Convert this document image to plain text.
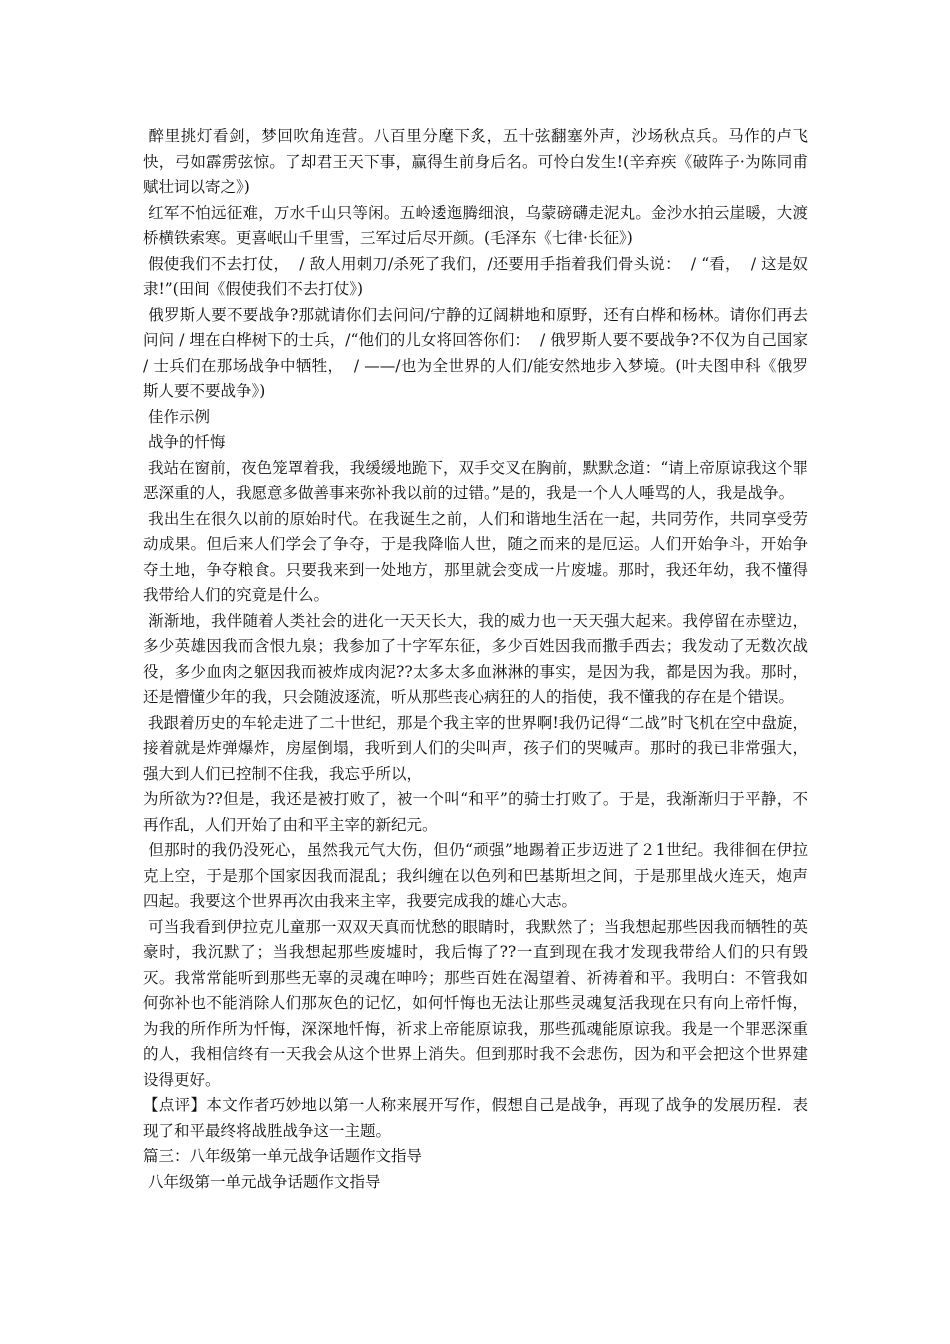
醉里挑灯看剑，梦回吹角连营。八百里分麾下炙，五十弦翻塞外声，沙场秋点兵。马作的卢飞快，弓如霹雳弦惊。了却君王天下事，赢得生前身后名。可怜白发生!(辛弃疾《破阵子·为陈同甫赋壮词以寄之》)

红军不怕远征难，万水千山只等闲。五岭逶迤腾细浪，乌蒙磅礴走泥丸。金沙水拍云崖暖，大渡桥横铁索寒。更喜岷山千里雪，三军过后尽开颜。(毛泽东《七律·长征》)

假使我们不去打仗，  / 敌人用刺刀/杀死了我们，/还要用手指着我们骨头说：  / “看，  / 这是奴隶!”(田间《假使我们不去打仗》)

俄罗斯人要不要战争?那就请你们去问问/宁静的辽阔耕地和原野，还有白桦和杨林。请你们再去问问 / 埋在白桦树下的士兵，/“他们的儿女将回答你们：  / 俄罗斯人要不要战争?不仅为自己国家 / 士兵们在那场战争中牺牲，  / ——/也为全世界的人们/能安然地步入梦境。(叶夫图申科《俄罗斯人要不要战争》)

佳作示例

战争的忏悔

我站在窗前，夜色笼罩着我，我缓缓地跪下，双手交叉在胸前，默默念道：“请上帝原谅我这个罪恶深重的人，我愿意多做善事来弥补我以前的过错。”是的，我是一个人人唾骂的人，我是战争。

我出生在很久以前的原始时代。在我诞生之前，人们和谐地生活在一起，共同劳作，共同享受劳动成果。但后来人们学会了争夺，于是我降临人世，随之而来的是厄运。人们开始争斗，开始争夺土地，争夺粮食。只要我来到一处地方，那里就会变成一片废墟。那时，我还年幼，我不懂得我带给人们的究竟是什么。

渐渐地，我伴随着人类社会的进化一天天长大，我的威力也一天天强大起来。我停留在赤壁边，多少英雄因我而含恨九泉；我参加了十字军东征，多少百姓因我而撒手西去；我发动了无数次战役，多少血肉之躯因我而被炸成肉泥??太多太多血淋淋的事实，是因为我，都是因为我。那时，还是懵懂少年的我，只会随波逐流，听从那些丧心病狂的人的指使，我不懂我的存在是个错误。

我跟着历史的车轮走进了二十世纪，那是个我主宰的世界啊!我仍记得“二战”时飞机在空中盘旋，接着就是炸弹爆炸，房屋倒塌，我听到人们的尖叫声，孩子们的哭喊声。那时的我已非常强大，强大到人们已控制不住我，我忘乎所以，

为所欲为??但是，我还是被打败了，被一个叫“和平”的骑士打败了。于是，我渐渐归于平静，不再作乱，人们开始了由和平主宰的新纪元。

但那时的我仍没死心，虽然我元气大伤，但仍“顽强”地踢着正步迈进了２1世纪。我徘徊在伊拉克上空，于是那个国家因我而混乱；我纠缠在以色列和巴基斯坦之间，于是那里战火连天，炮声四起。我要这个世界再次由我来主宰，我要完成我的雄心大志。

可当我看到伊拉克儿童那一双双天真而忧愁的眼睛时，我默然了；当我想起那些因我而牺牲的英豪时，我沉默了；当我想起那些废墟时，我后悔了??一直到现在我才发现我带给人们的只有毁灭。我常常能听到那些无辜的灵魂在呻吟；那些百姓在渴望着、祈祷着和平。我明白：不管我如何弥补也不能消除人们那灰色的记忆，如何忏悔也无法让那些灵魂复活我现在只有向上帝忏悔，为我的所作所为忏悔，深深地忏悔，祈求上帝能原谅我，那些孤魂能原谅我。我是一个罪恶深重的人，我相信终有一天我会从这个世界上消失。但到那时我不会悲伤，因为和平会把这个世界建设得更好。

【点评】本文作者巧妙地以第一人称来展开写作，假想自己是战争，再现了战争的发展历程．表现了和平最终将战胜战争这一主题。

篇三：八年级第一单元战争话题作文指导

八年级第一单元战争话题作文指导
